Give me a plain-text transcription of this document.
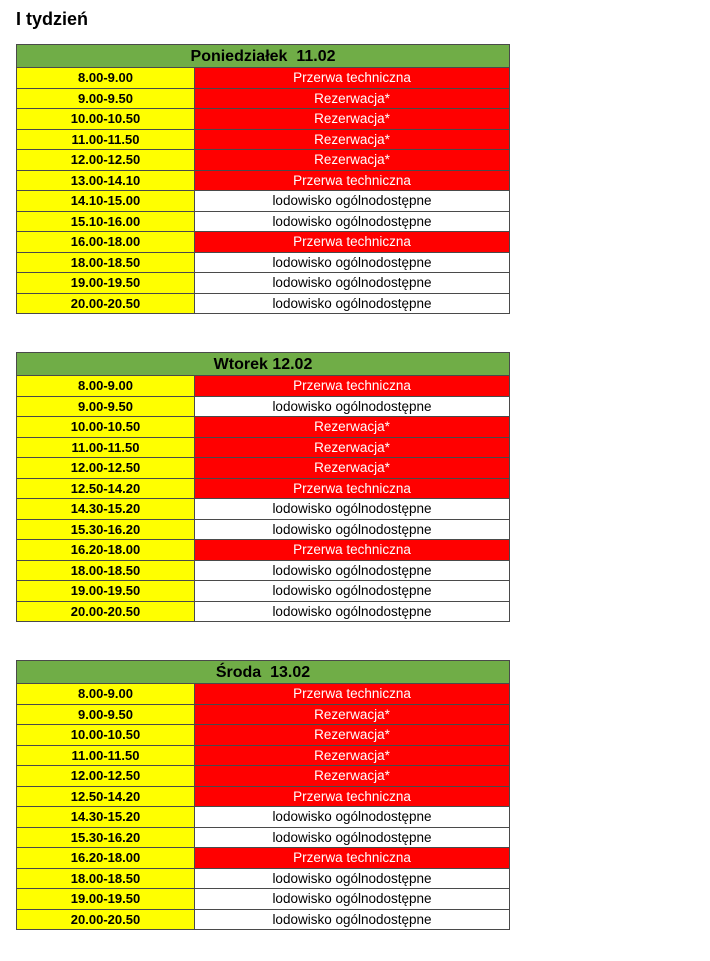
I tydzień
Poniedziałek  11.02
8.00-9.00	Przerwa techniczna
9.00-9.50	Rezerwacja*
10.00-10.50	Rezerwacja*
11.00-11.50	Rezerwacja*
12.00-12.50	Rezerwacja*
13.00-14.10	Przerwa techniczna
14.10-15.00	lodowisko ogólnodostępne
15.10-16.00	lodowisko ogólnodostępne
16.00-18.00	Przerwa techniczna
18.00-18.50	lodowisko ogólnodostępne
19.00-19.50	lodowisko ogólnodostępne
20.00-20.50	lodowisko ogólnodostępne
Wtorek 12.02
8.00-9.00	Przerwa techniczna
9.00-9.50	lodowisko ogólnodostępne
10.00-10.50	Rezerwacja*
11.00-11.50	Rezerwacja*
12.00-12.50	Rezerwacja*
12.50-14.20	Przerwa techniczna
14.30-15.20	lodowisko ogólnodostępne
15.30-16.20	lodowisko ogólnodostępne
16.20-18.00	Przerwa techniczna
18.00-18.50	lodowisko ogólnodostępne
19.00-19.50	lodowisko ogólnodostępne
20.00-20.50	lodowisko ogólnodostępne
Środa  13.02
8.00-9.00	Przerwa techniczna
9.00-9.50	Rezerwacja*
10.00-10.50	Rezerwacja*
11.00-11.50	Rezerwacja*
12.00-12.50	Rezerwacja*
12.50-14.20	Przerwa techniczna
14.30-15.20	lodowisko ogólnodostępne
15.30-16.20	lodowisko ogólnodostępne
16.20-18.00	Przerwa techniczna
18.00-18.50	lodowisko ogólnodostępne
19.00-19.50	lodowisko ogólnodostępne
20.00-20.50	lodowisko ogólnodostępne
